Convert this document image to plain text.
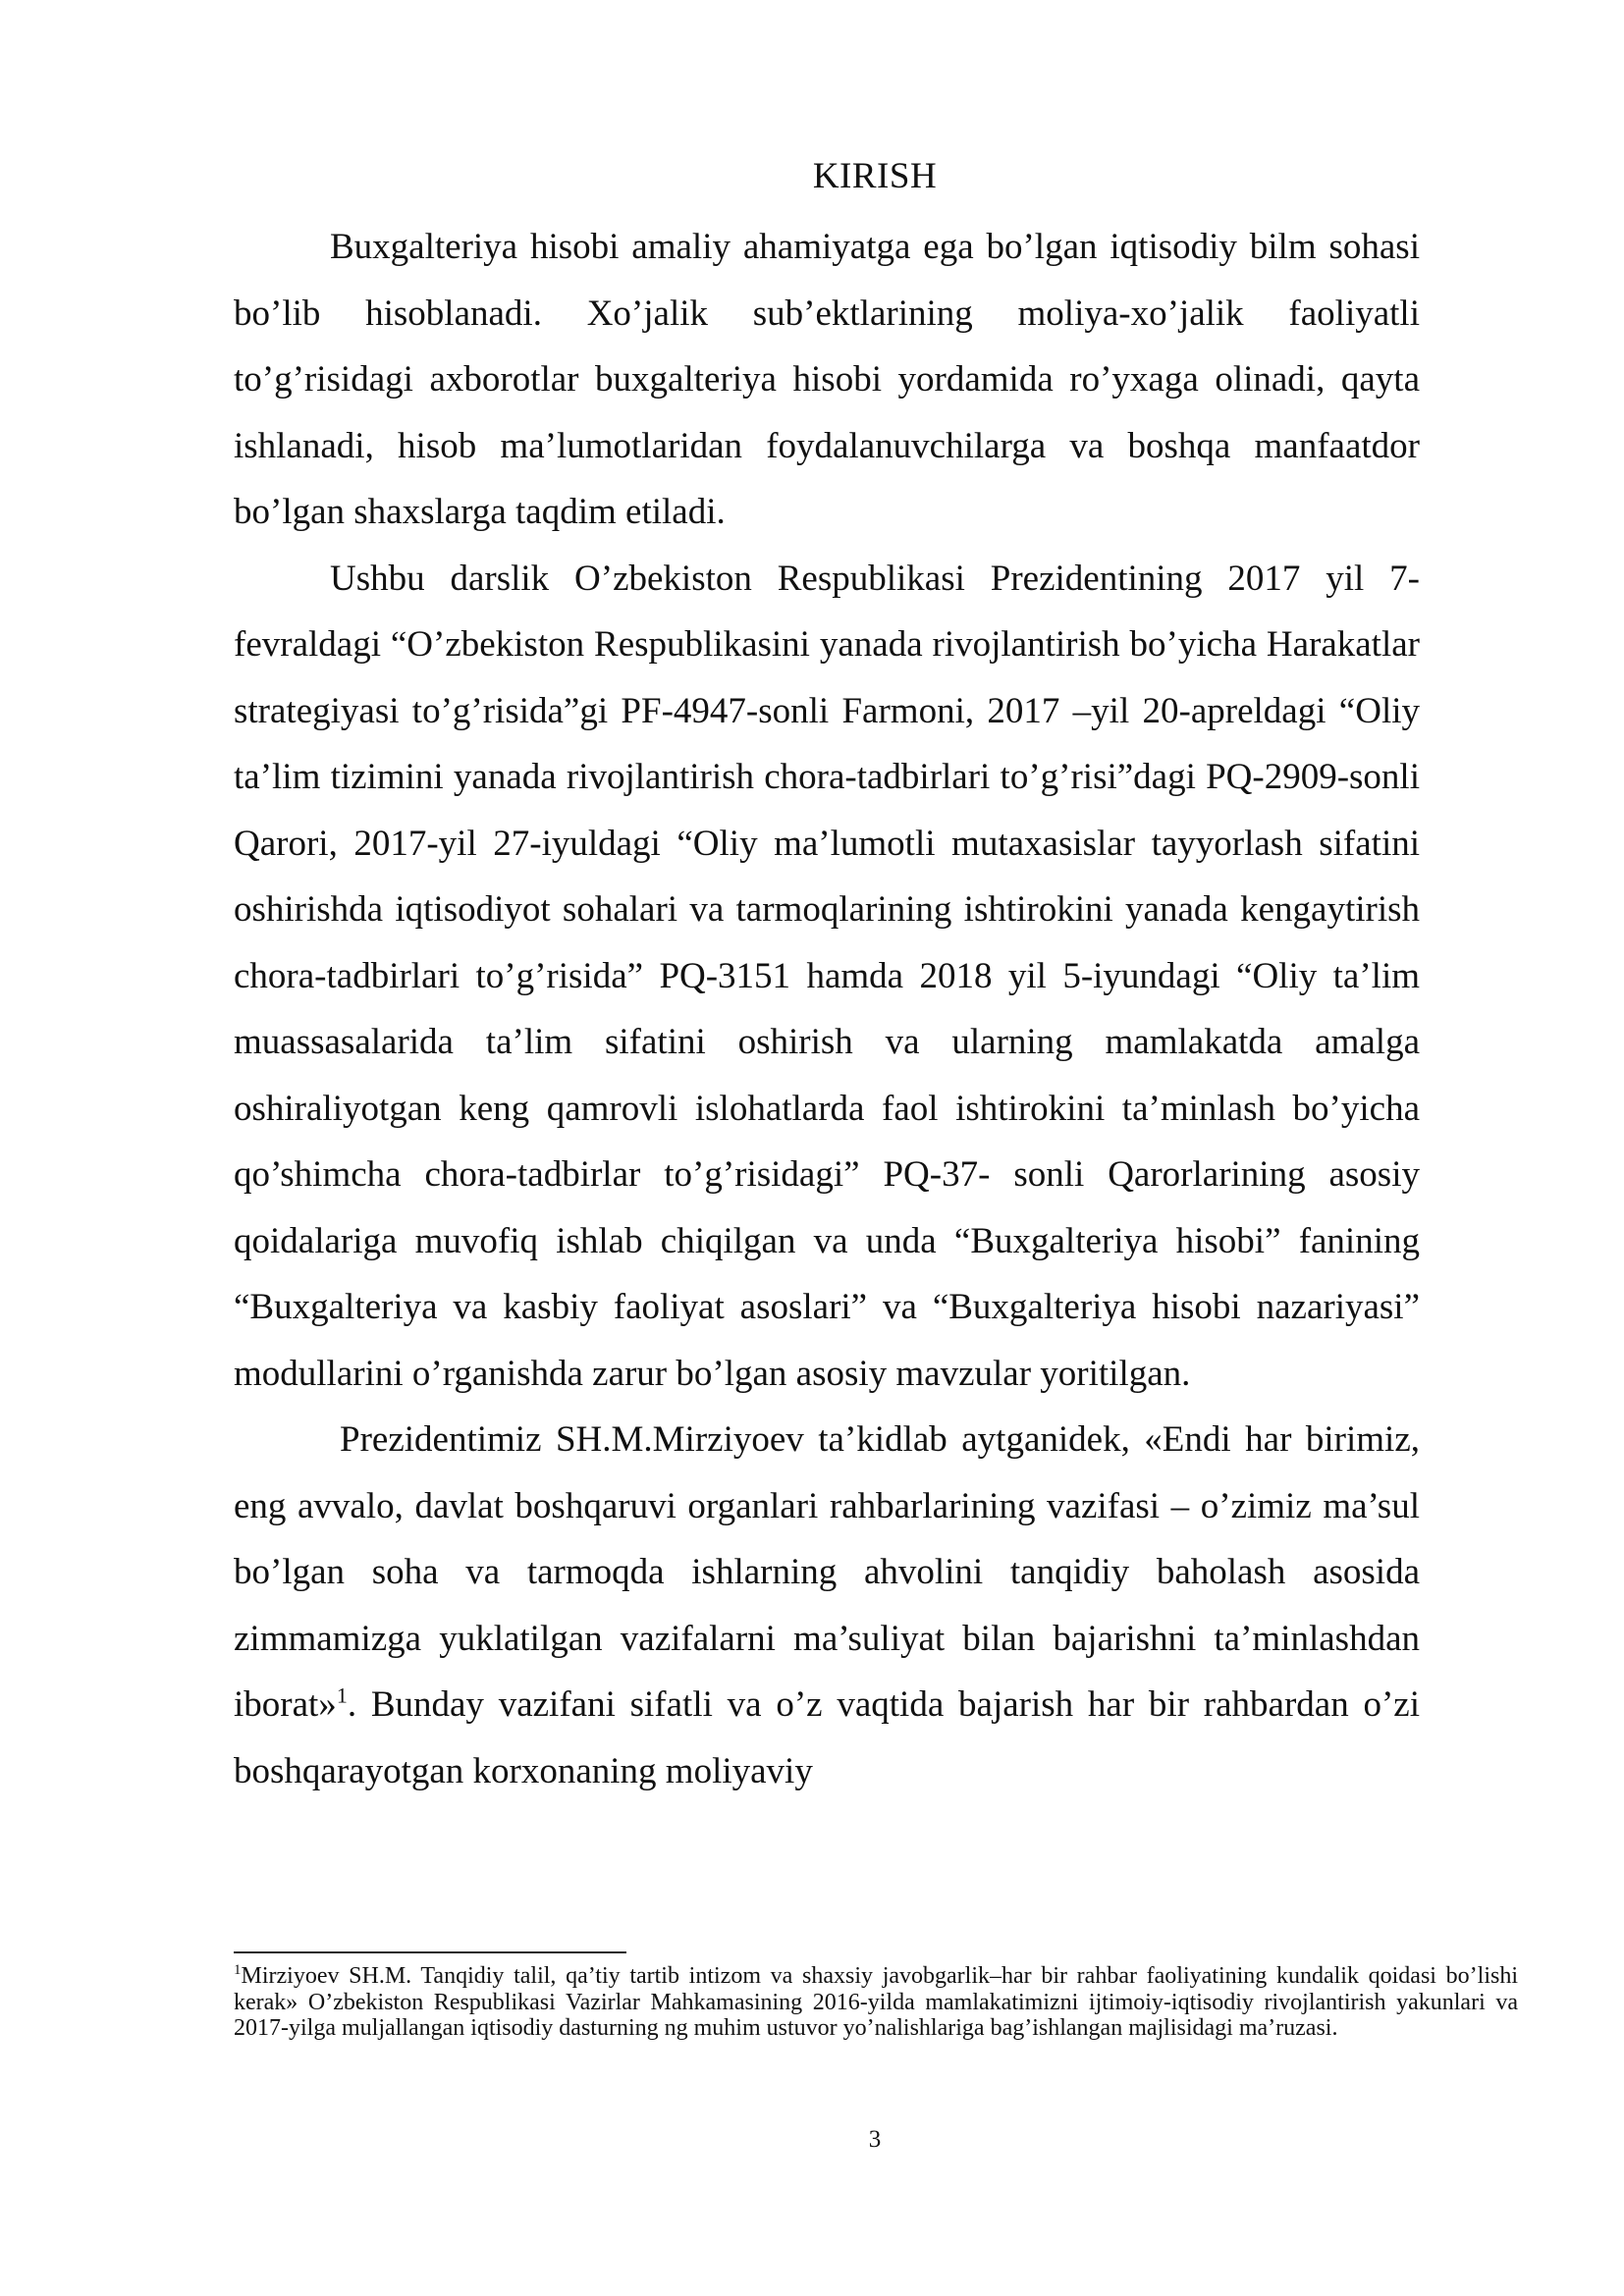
KIRISH

Buxgalteriya hisobi amaliy ahamiyatga ega bo’lgan iqtisodiy bilm sohasi bo’lib hisoblanadi. Xo’jalik sub’ektlarining moliya-xo’jalik faoliyatli to’g’risidagi axborotlar buxgalteriya hisobi yordamida ro’yxaga olinadi, qayta ishlanadi, hisob ma’lumotlaridan foydalanuvchilarga va boshqa manfaatdor bo’lgan shaxslarga taqdim etiladi.

Ushbu darslik O’zbekiston Respublikasi Prezidentining 2017 yil 7-fevraldagi “O’zbekiston Respublikasini yanada rivojlantirish bo’yicha Harakatlar strategiyasi to’g’risida”gi PF-4947-sonli Farmoni, 2017 –yil 20-apreldagi “Oliy ta’lim tizimini yanada rivojlantirish chora-tadbirlari to’g’risi”dagi PQ-2909-sonli Qarori, 2017-yil 27-iyuldagi “Oliy ma’lumotli mutaxasislar tayyorlash sifatini oshirishda iqtisodiyot sohalari va tarmoqlarining ishtirokini yanada kengaytirish chora-tadbirlari to’g’risida” PQ-3151 hamda 2018 yil 5-iyundagi “Oliy ta’lim muassasalarida ta’lim sifatini oshirish va ularning mamlakatda amalga oshiraliyotgan keng qamrovli islohatlarda faol ishtirokini ta’minlash bo’yicha qo’shimcha chora-tadbirlar to’g’risidagi” PQ-37- sonli Qarorlarining asosiy qoidalariga muvofiq ishlab chiqilgan va unda “Buxgalteriya hisobi” fanining “Buxgalteriya va kasbiy faoliyat asoslari” va “Buxgalteriya hisobi nazariyasi” modullarini o’rganishda zarur bo’lgan asosiy mavzular yoritilgan.

Prezidentimiz SH.M.Mirziyoev ta’kidlab aytganidek, «Endi har birimiz, eng avvalo, davlat boshqaruvi organlari rahbarlarining vazifasi – o’zimiz ma’sul bo’lgan soha va tarmoqda ishlarning ahvolini tanqidiy baholash asosida zimmamizga yuklatilgan vazifalarni ma’suliyat bilan bajarishni ta’minlashdan iborat»$^1$. Bunday vazifani sifatli va o’z vaqtida bajarish har bir rahbardan o’zi boshqarayotgan korxonaning moliyaviy

$^1$Mirziyoev SH.M. Tanqidiy talil, qa’tiy tartib intizom va shaxsiy javobgarlik–har bir rahbar faoliyatining kundalik qoidasi bo’lishi kerak» O’zbekiston Respublikasi Vazirlar Mahkamasining 2016-yilda mamlakatimizni ijtimoiy-iqtisodiy rivojlantirish yakunlari va 2017-yilga muljallangan iqtisodiy dasturning ng muhim ustuvor yo’nalishlariga bag’ishlangan majlisidagi ma’ruzasi.

3
